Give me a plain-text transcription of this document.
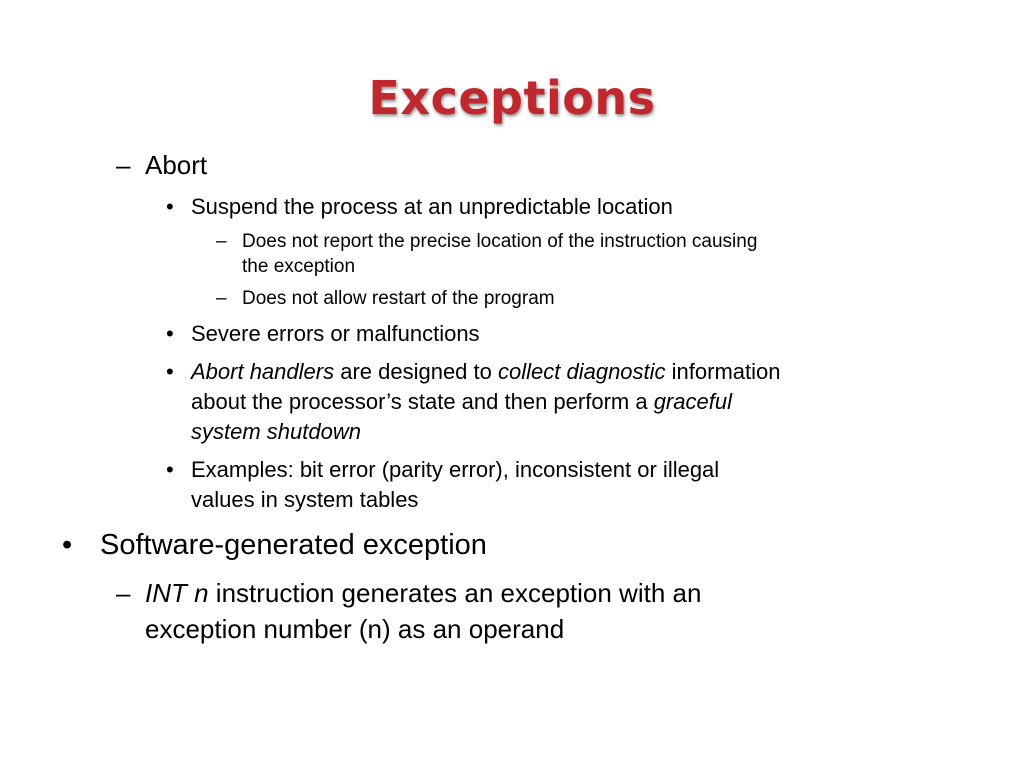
Exceptions
– Abort
• Suspend the process at an unpredictable location
– Does not report the precise location of the instruction causing
the exception
– Does not allow restart of the program
• Severe errors or malfunctions
• Abort handlers are designed to collect diagnostic information
about the processor’s state and then perform a graceful
system shutdown
• Examples: bit error (parity error), inconsistent or illegal
values in system tables
• Software-generated exception
– INT n instruction generates an exception with an
exception number (n) as an operand
